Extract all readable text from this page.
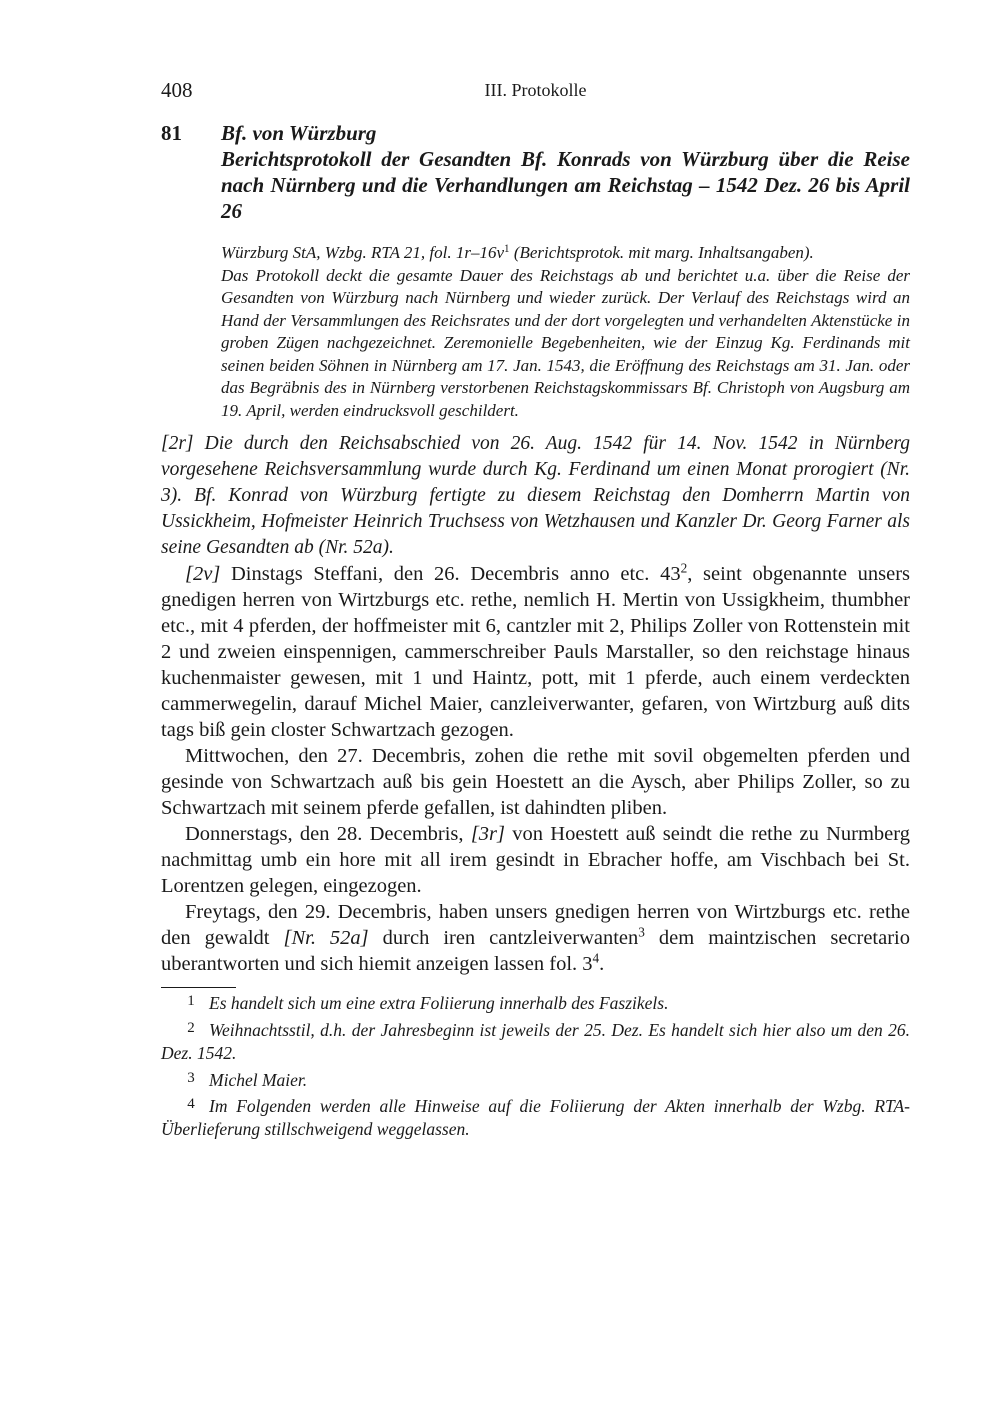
408	III. Protokolle
81	Bf. von Würzburg
Berichtsprotokoll der Gesandten Bf. Konrads von Würzburg über die Reise nach Nürnberg und die Verhandlungen am Reichstag – 1542 Dez. 26 bis April 26

Würzburg StA, Wzbg. RTA 21, fol. $1r-16v^1$ (Berichtsprotok. mit marg. Inhaltsangaben).

Das Protokoll deckt die gesamte Dauer des Reichstags ab und berichtet u.a. über die Reise der Gesandten von Würzburg nach Nürnberg und wieder zurück. Der Verlauf des Reichstags wird an Hand der Versammlungen des Reichsrates und der dort vorgelegten und verhandelten Aktenstücke in groben Zügen nachgezeichnet. Zeremonielle Begebenheiten, wie der Einzug Kg. Ferdinands mit seinen beiden Söhnen in Nürnberg am 17. Jan. 1543, die Eröffnung des Reichstags am 31. Jan. oder das Begräbnis des in Nürnberg verstorbenen Reichstagskommissars Bf. Christoph von Augsburg am 19. April, werden eindrucksvoll geschildert.

[2r] Die durch den Reichsabschied von 26. Aug. 1542 für 14. Nov. 1542 in Nürnberg vorgesehene Reichsversammlung wurde durch Kg. Ferdinand um einen Monat prorogiert (Nr. 3). Bf. Konrad von Würzburg fertigte zu diesem Reichstag den Domherrn Martin von Ussickheim, Hofmeister Heinrich Truchsess von Wetzhausen und Kanzler Dr. Georg Farner als seine Gesandten ab (Nr. 52a).

[2v] Dinstags Steffani, den 26. Decembris anno etc. $43^2$, seint obgenannte unsers gnedigen herren von Wirtzburgs etc. rethe, nemlich H. Mertin von Ussigkheim, thumbher etc., mit 4 pferden, der hoffmeister mit 6, cantzler mit 2, Philips Zoller von Rottenstein mit 2 und zweien einspennigen, cammerschreiber Pauls Marstaller, so den reichstage hinaus kuchenmaister gewesen, mit 1 und Haintz, pott, mit 1 pferde, auch einem verdeckten cammerwegelin, darauf Michel Maier, canzleiverwanter, gefaren, von Wirtzburg auß dits tags biß gein closter Schwartzach gezogen.

Mittwochen, den 27. Decembris, zohen die rethe mit sovil obgemelten pferden und gesinde von Schwartzach auß bis gein Hoestett an die Aysch, aber Philips Zoller, so zu Schwartzach mit seinem pferde gefallen, ist dahindten pliben.

Donnerstags, den 28. Decembris, [3r] von Hoestett auß seindt die rethe zu Nurmberg nachmittag umb ein hore mit all irem gesindt in Ebracher hoffe, am Vischbach bei St. Lorentzen gelegen, eingezogen.

Freytags, den 29. Decembris, haben unsers gnedigen herren von Wirtzburgs etc. rethe den gewaldt [Nr. 52a] durch iren cantzleiverwanten$^3$ dem maintzischen secretario uberantworten und sich hiemit anzeigen lassen fol. $3^4$.

1 Es handelt sich um eine extra Foliierung innerhalb des Faszikels.
2 Weihnachtsstil, d.h. der Jahresbeginn ist jeweils der 25. Dez. Es handelt sich hier also um den 26. Dez. 1542.
3 Michel Maier.
4 Im Folgenden werden alle Hinweise auf die Foliierung der Akten innerhalb der Wzbg. RTA-Überlieferung stillschweigend weggelassen.
